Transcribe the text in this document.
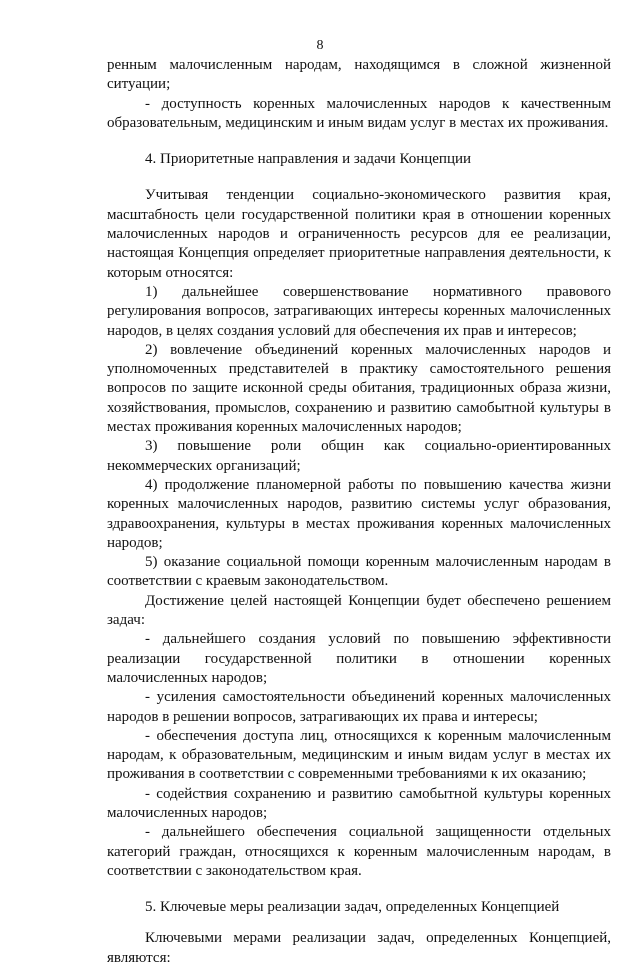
8

ренным малочисленным народам, находящимся в сложной жизненной ситуации;

- доступность коренных малочисленных народов к качественным образовательным, медицинским и иным видам услуг в местах их проживания.

4. Приоритетные направления и задачи Концепции

Учитывая тенденции социально-экономического развития края, масштабность цели государственной политики края в отношении коренных малочисленных народов и ограниченность ресурсов для ее реализации, настоящая Концепция определяет приоритетные направления деятельности, к которым относятся:

1) дальнейшее совершенствование нормативного правового регулирования вопросов, затрагивающих интересы коренных малочисленных народов, в целях создания условий для обеспечения их прав и интересов;

2) вовлечение объединений коренных малочисленных народов и уполномоченных представителей в практику самостоятельного решения вопросов по защите исконной среды обитания, традиционных образа жизни, хозяйствования, промыслов, сохранению и развитию самобытной культуры в местах проживания коренных малочисленных народов;

3) повышение роли общин как социально-ориентированных некоммерческих организаций;

4) продолжение планомерной работы по повышению качества жизни коренных малочисленных народов, развитию системы услуг образования, здравоохранения, культуры в местах проживания коренных малочисленных народов;

5) оказание социальной помощи коренным малочисленным народам в соответствии с краевым законодательством.

Достижение целей настоящей Концепции будет обеспечено решением задач:

- дальнейшего создания условий по повышению эффективности реализации государственной политики в отношении коренных малочисленных народов;

- усиления самостоятельности объединений коренных малочисленных народов в решении вопросов, затрагивающих их права и интересы;

- обеспечения доступа лиц, относящихся к коренным малочисленным народам, к образовательным, медицинским и иным видам услуг в местах их проживания в соответствии с современными требованиями к их оказанию;

- содействия сохранению и развитию самобытной культуры коренных малочисленных народов;

- дальнейшего обеспечения социальной защищенности отдельных категорий граждан, относящихся к коренным малочисленным народам, в соответствии с законодательством края.

5. Ключевые меры реализации задач, определенных Концепцией

Ключевыми мерами реализации задач, определенных Концепцией, являются:
